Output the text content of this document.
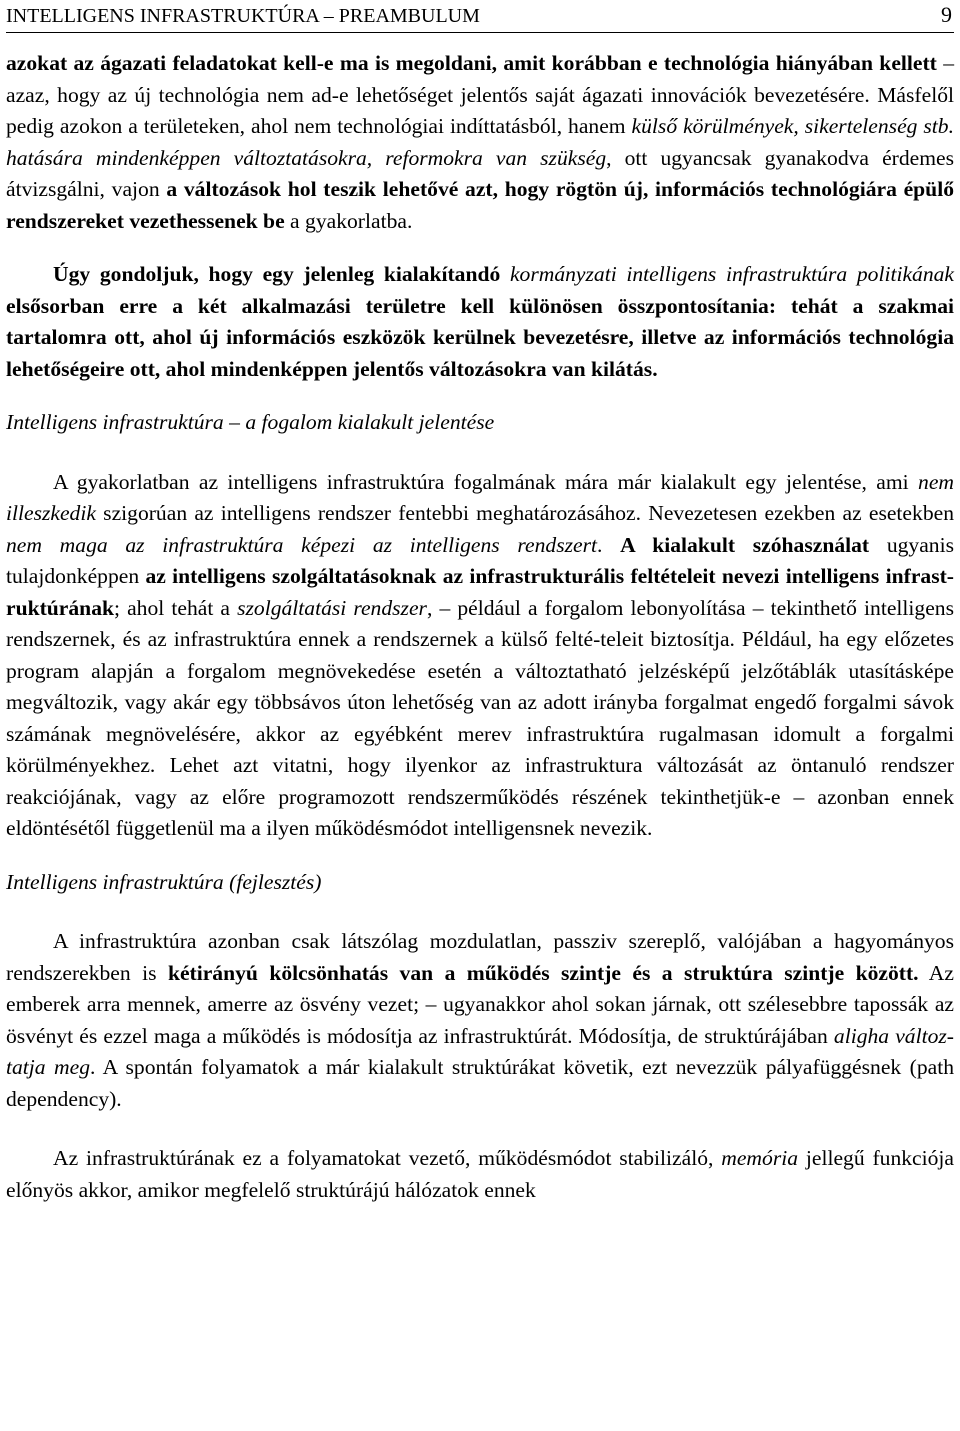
INTELLIGENS INFRASTRUKTÚRA – PREAMBULUM	9

azokat az ágazati feladatokat kell-e ma is megoldani, amit korábban e technológia hiányában kellett – azaz, hogy az új technológia nem ad-e lehetőséget jelentős saját ágazati innovációk bevezetésére. Másfelől pedig azokon a területeken, ahol nem technológiai indíttatásból, hanem külső körülmények, sikertelenség stb. hatására mindenképpen változtatásokra, reformokra van szükség, ott ugyancsak gyanakodva érdemes átvizsgálni, vajon a változások hol teszik lehetővé azt, hogy rögtön új, információs technológiára épülő rendszereket vezethessenek be a gyakorlatba.

Úgy gondoljuk, hogy egy jelenleg kialakítandó kormányzati intelligens infrastruktúra politikának elsősorban erre a két alkalmazási területre kell különösen összpontosítania: tehát a szakmai tartalomra ott, ahol új információs eszközök kerülnek bevezetésre, illetve az információs technológia lehetőségeire ott, ahol mindenképpen jelentős változásokra van kilátás.

Intelligens infrastruktúra – a fogalom kialakult jelentése

A gyakorlatban az intelligens infrastruktúra fogalmának mára már kialakult egy jelentése, ami nem illeszkedik szigorúan az intelligens rendszer fentebbi meghatározásához. Nevezetesen ezekben az esetekben nem maga az infrastruktúra képezi az intelligens rendszert. A kialakult szóhasználat ugyanis tulajdonképpen az intelligens szolgáltatásoknak az infrastrukturális feltételeit nevezi intelligens infrastruktúrának; ahol tehát a szolgáltatási rendszer, – például a forgalom lebonyolítása – tekinthető intelligens rendszernek, és az infrastruktúra ennek a rendszernek a külső felté-teleit biztosítja. Például, ha egy előzetes program alapján a forgalom megnövekedése esetén a változtatható jelzésképű jelzőtáblák utasításképe megváltozik, vagy akár egy többsávos úton lehetőség van az adott irányba forgalmat engedő forgalmi sávok számának megnövelésére, akkor az egyébként merev infrastruktúra rugalmasan idomult a forgalmi körülményekhez. Lehet azt vitatni, hogy ilyenkor az infrastruktura változását az öntanuló rendszer reakciójának, vagy az előre programozott rendszerműködés részének tekinthetjük-e – azonban ennek eldöntésétől függetlenül ma a ilyen működésmódot intelligensnek nevezik.

Intelligens infrastruktúra (fejlesztés)

A infrastruktúra azonban csak látszólag mozdulatlan, passziv szereplő, valójában a hagyományos rendszerekben is kétirányú kölcsönhatás van a működés szintje és a struktúra szintje között. Az emberek arra mennek, amerre az ösvény vezet; – ugyanakkor ahol sokan járnak, ott szélesebbre tapossák az ösvényt és ezzel maga a működés is módosítja az infrastruktúrát. Módosítja, de struktúrájában aligha változtatja meg. A spontán folyamatok a már kialakult struktúrákat követik, ezt nevezzük pályafüggésnek (path dependency).

Az infrastruktúrának ez a folyamatokat vezető, működésmódot stabilizáló, memória jellegű funkciója előnyös akkor, amikor megfelelő struktúrájú hálózatok ennek
